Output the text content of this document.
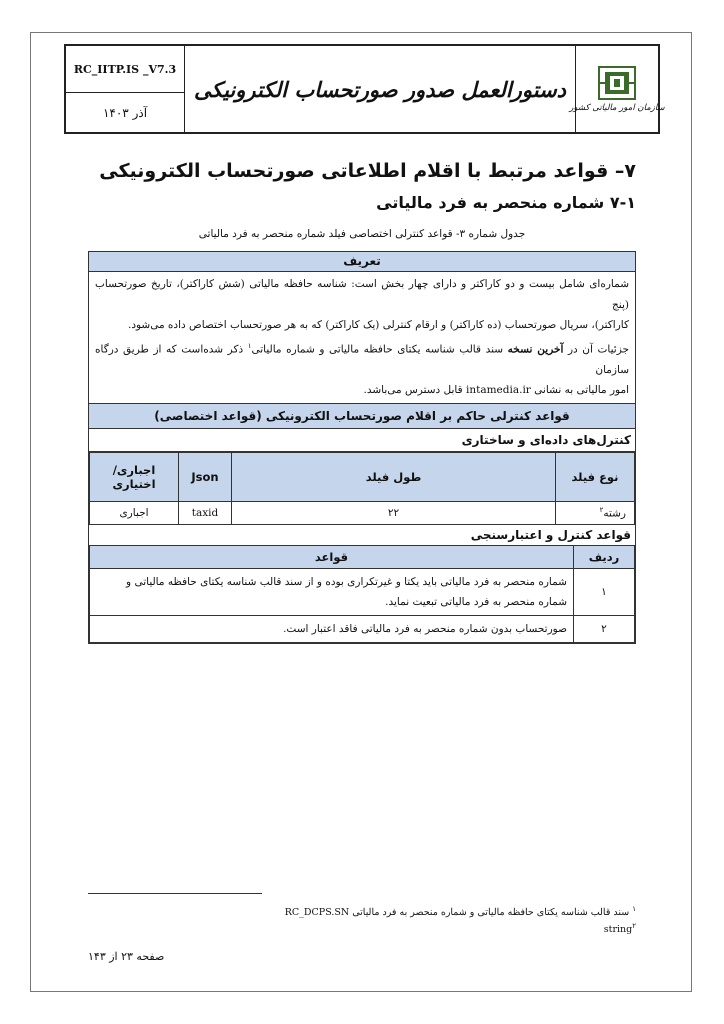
RC_IITP.IS _V7.3
آذر ۱۴۰۳
دستورالعمل صدور صورتحساب الکترونیکی
سازمان امور مالیاتی کشور
۷– قواعد مرتبط با اقلام اطلاعاتی صورتحساب الکترونیکی
۷-۱ شماره منحصر به فرد مالیاتی
جدول شماره ۳- قواعد کنترلی اختصاصی فیلد شماره منحصر به فرد مالیاتی
تعریف
شماره‌ای شامل بیست و دو کاراکتر و دارای چهار بخش است: شناسه حافظه مالیاتی (شش کاراکتر)، تاریخ صورتحساب (پنج
کاراکتر)، سریال صورتحساب (ده کاراکتر) و ارقام کنترلی (یک کاراکتر) که به هر صورتحساب اختصاص داده می‌شود.
جزئیات آن در آخرین نسخه سند قالب شناسه یکتای حافظه مالیاتی و شماره مالیاتی$^۱$ ذکر شده‌است که از طریق درگاه سازمان
امور مالیاتی به نشانی intamedia.ir قابل دسترس می‌باشد.
قواعد کنترلی حاکم بر اقلام صورتحساب الکترونیکی (قواعد اختصاصی)
کنترل‌های داده‌ای و ساختاری
نوع فیلد	طول فیلد	Json	اجباری/ اختیاری
رشته$^۲$	۲۲	taxid	اجباری
قواعد کنترل و اعتبارسنجی
ردیف	قواعد
۱	شماره منحصر به فرد مالیاتی باید یکتا و غیرتکراری بوده و از سند قالب شناسه یکتای حافظه مالیاتی و شماره منحصر به فرد مالیاتی تبعیت نماید.
۲	صورتحساب بدون شماره منحصر به فرد مالیاتی فاقد اعتبار است.
$^۱$ سند قالب شناسه یکتای حافظه مالیاتی و شماره منحصر به فرد مالیاتی RC_DCPS.SN
$^۲$string
صفحه ۲۳ از ۱۴۳
